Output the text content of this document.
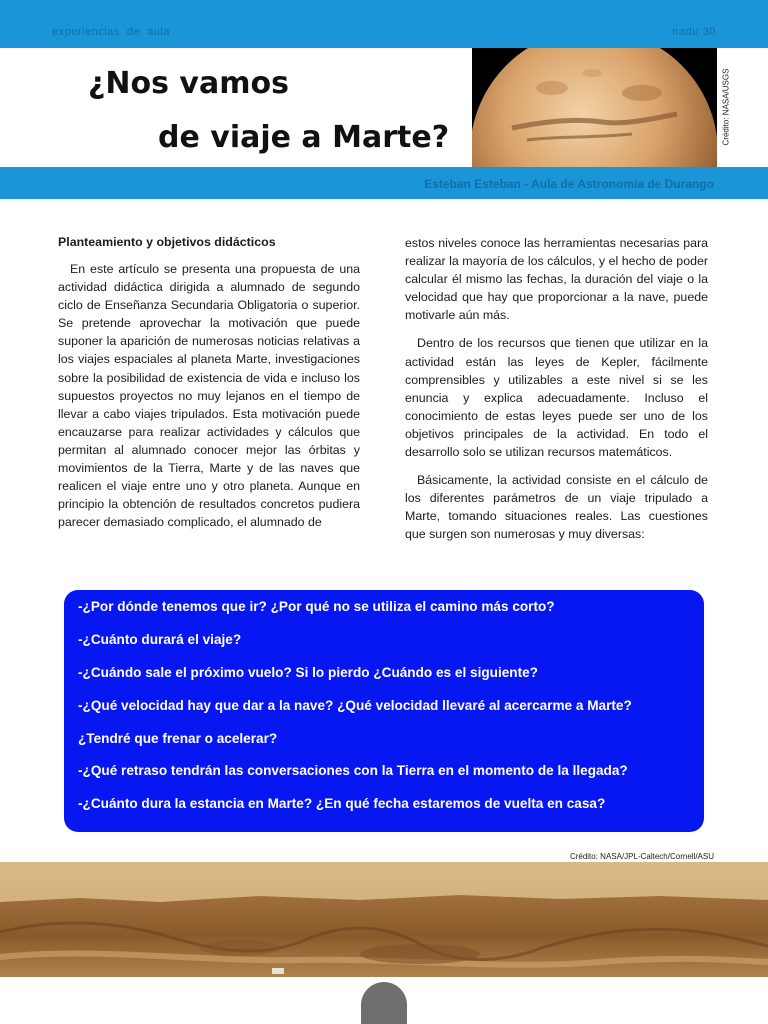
experiencias  de  aula	nadir 30
¿Nos vamos
de viaje a Marte?	Crédito: NASA/USGS
Esteban Esteban - Aula de Astronomía de Durango
Planteamiento y objetivos didácticos

En este artículo se presenta una propuesta de una actividad didáctica dirigida a alumnado de segundo ciclo de Enseñanza Secundaria Obligatoria o superior. Se pretende aprovechar la motivación que puede suponer la aparición de numerosas noticias relativas a los viajes espaciales al planeta Marte, investigaciones sobre la posibilidad de existencia de vida e incluso los supuestos proyectos no muy lejanos en el tiempo de llevar a cabo viajes tripulados. Esta motivación puede encauzarse para realizar actividades y cálculos que permitan al alumnado conocer mejor las órbitas y movimientos de la Tierra, Marte y de las naves que realicen el viaje entre uno y otro planeta. Aunque en principio la obtención de resultados concretos pudiera parecer demasiado complicado, el alumnado de

estos niveles conoce las herramientas necesarias para realizar la mayoría de los cálculos, y el hecho de poder calcular él mismo las fechas, la duración del viaje o la velocidad que hay que proporcionar a la nave, puede motivarle aún más.

Dentro de los recursos que tienen que utilizar en la actividad están las leyes de Kepler, fácilmente comprensibles y utilizables a este nivel si se les enuncia y explica adecuadamente. Incluso el conocimiento de estas leyes puede ser uno de los objetivos principales de la actividad. En todo el desarrollo solo se utilizan recursos matemáticos.

Básicamente, la actividad consiste en el cálculo de los diferentes parámetros de un viaje tripulado a Marte, tomando situaciones reales. Las cuestiones que surgen son numerosas y muy diversas:

-¿Por dónde tenemos que ir? ¿Por qué no se utiliza el camino más corto?
-¿Cuánto durará el viaje?
-¿Cuándo sale el próximo vuelo? Si lo pierdo ¿Cuándo es el siguiente?
-¿Qué velocidad hay que dar a la nave? ¿Qué velocidad llevaré al acercarme a Marte?
¿Tendré que frenar o acelerar?
-¿Qué retraso tendrán las conversaciones con la Tierra en el momento de la llegada?
-¿Cuánto dura la estancia en Marte? ¿En qué fecha estaremos de vuelta en casa?
Crédito: NASA/JPL-Caltech/Cornell/ASU
